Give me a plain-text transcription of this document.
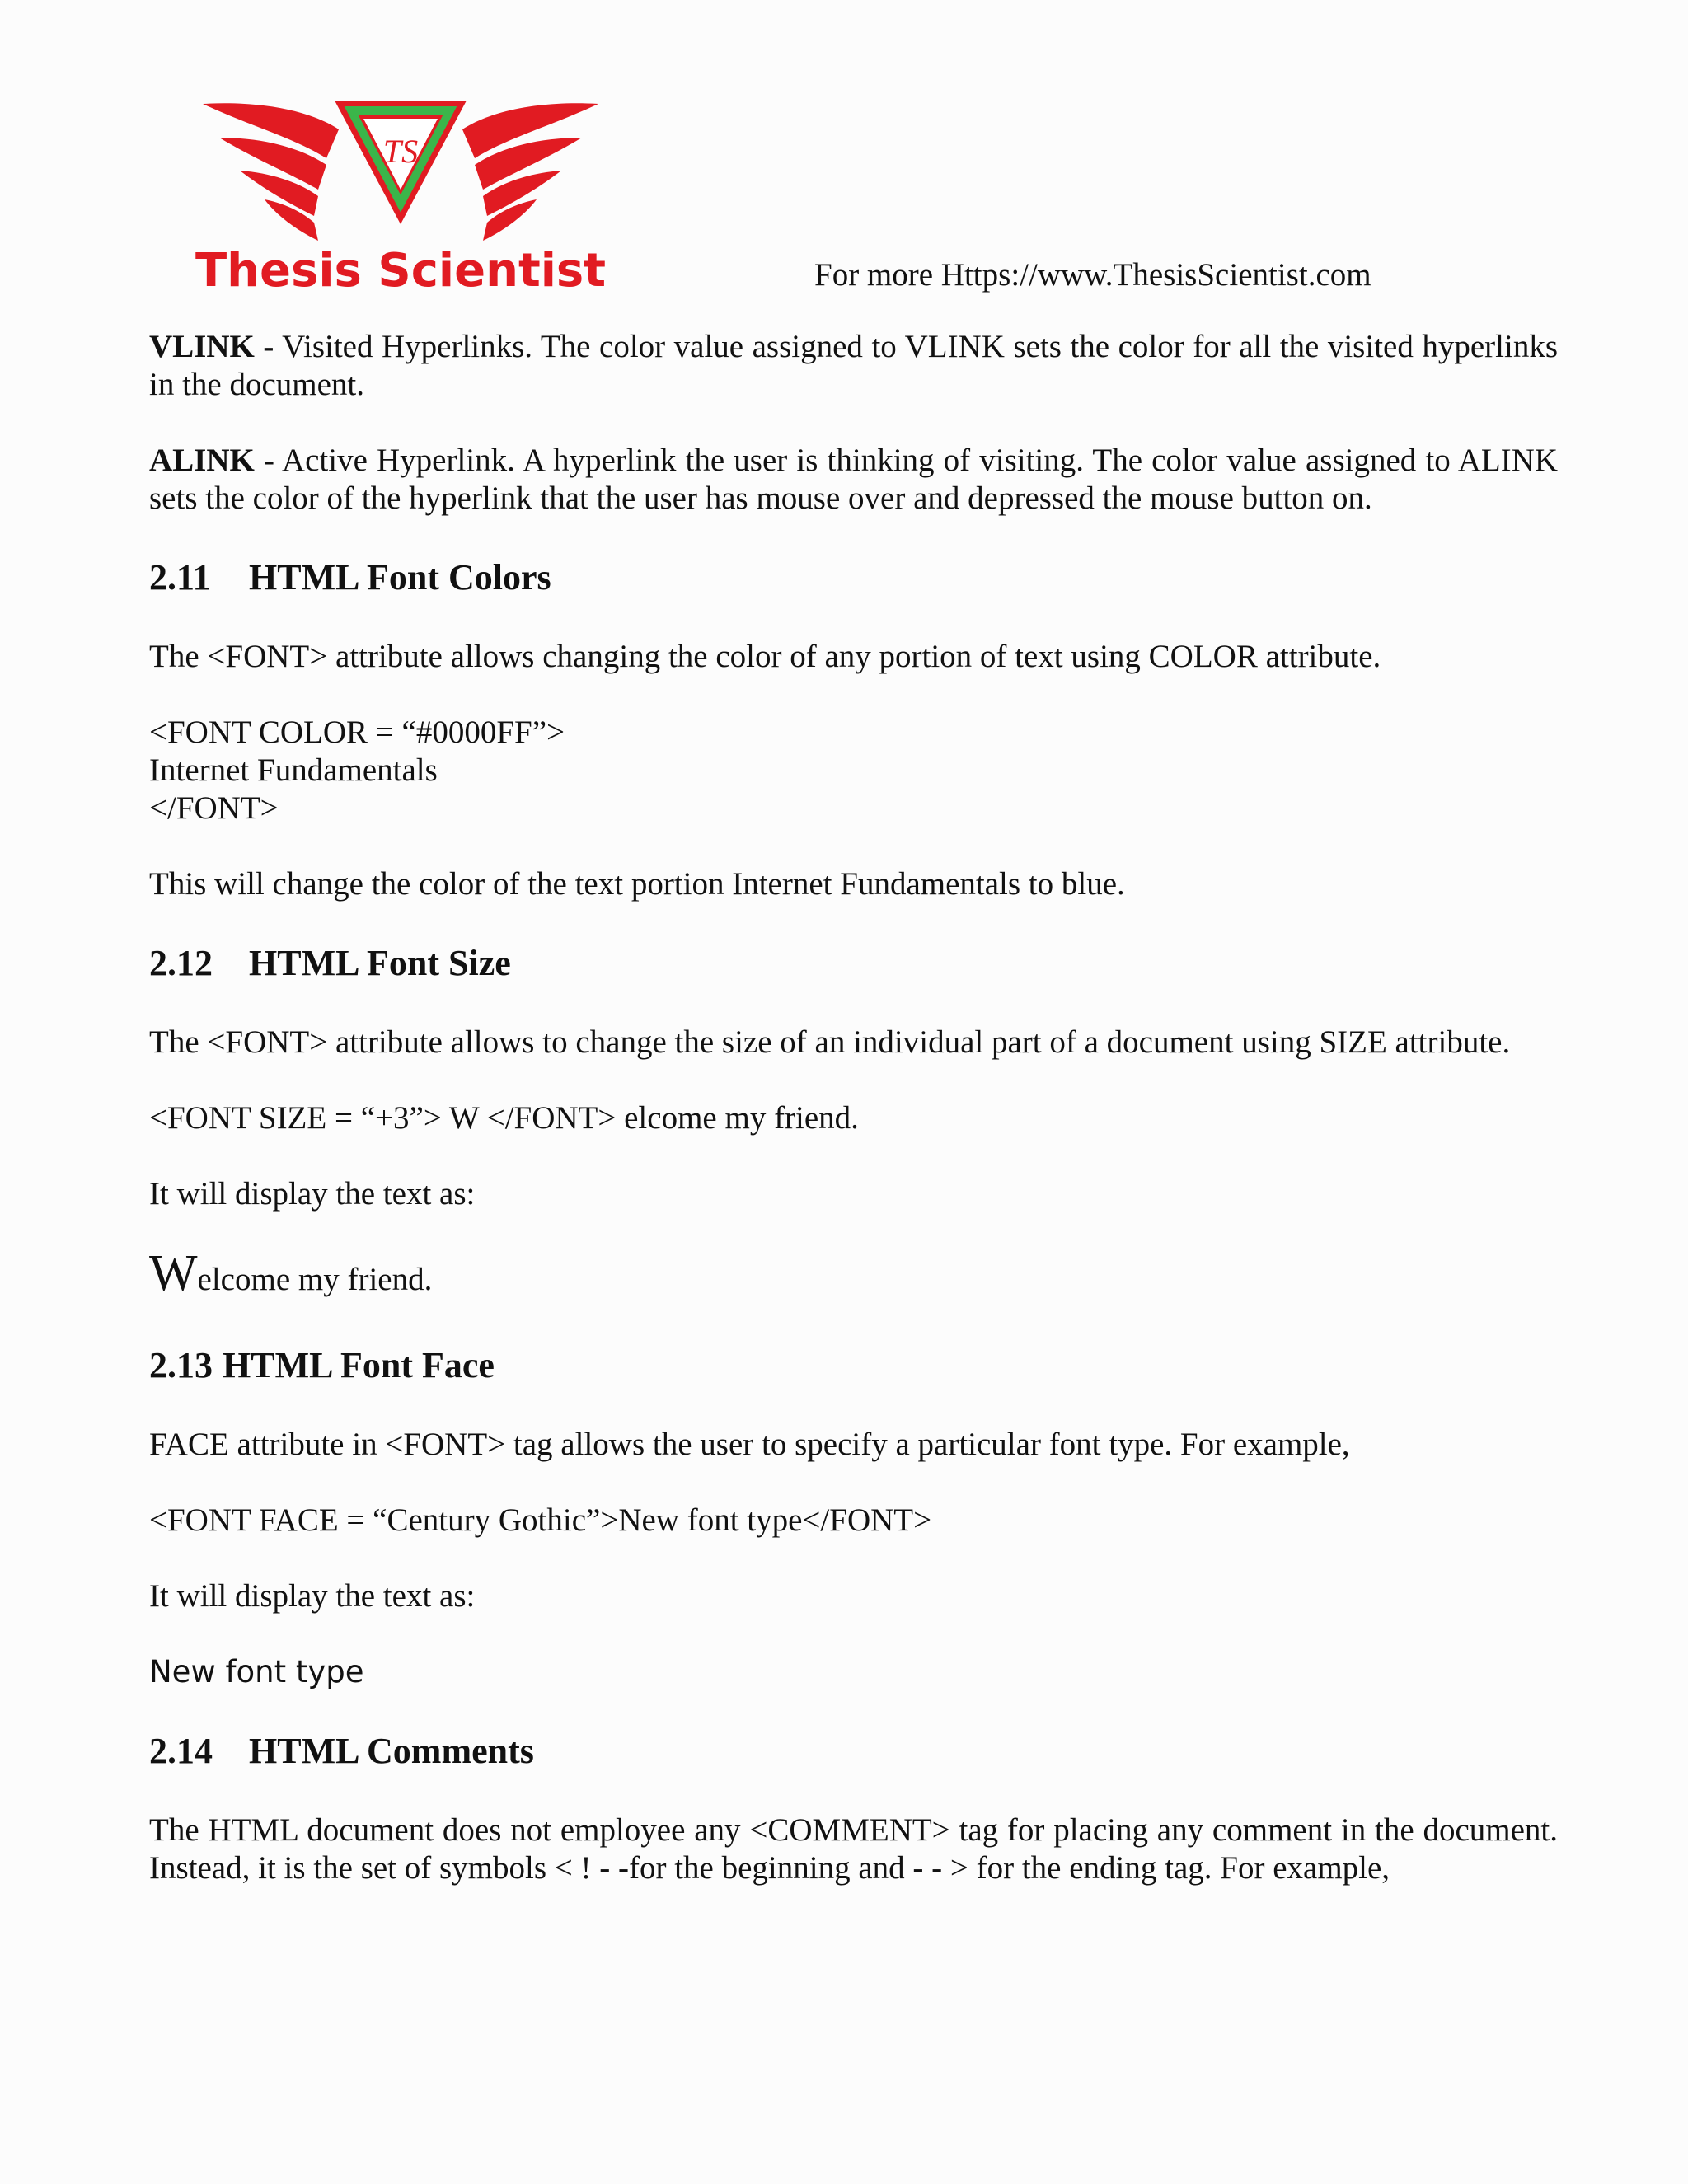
TS
Thesis Scientist	For more Https://www.ThesisScientist.com

VLINK - Visited Hyperlinks. The color value assigned to VLINK sets the color for all the visited hyperlinks in the document.

ALINK - Active Hyperlink. A hyperlink the user is thinking of visiting. The color value assigned to ALINK sets the color of the hyperlink that the user has mouse over and depressed the mouse button on.

2.11 HTML Font Colors

The <FONT> attribute allows changing the color of any portion of text using COLOR attribute.

<FONT COLOR = “#0000FF”>

Internet Fundamentals

</FONT>

This will change the color of the text portion Internet Fundamentals to blue.

2.12 HTML Font Size

The <FONT> attribute allows to change the size of an individual part of a document using SIZE attribute.

<FONT SIZE = “+3”> W </FONT> elcome my friend.

It will display the text as:

Welcome my friend.
2.13 HTML Font Face

FACE attribute in <FONT> tag allows the user to specify a particular font type. For example,

<FONT FACE = “Century Gothic”>New font type</FONT>

It will display the text as:

New font type
2.14 HTML Comments

The HTML document does not employee any <COMMENT> tag for placing any comment in the document. Instead, it is the set of symbols < ! - -for the beginning and - - > for the ending tag. For example,
